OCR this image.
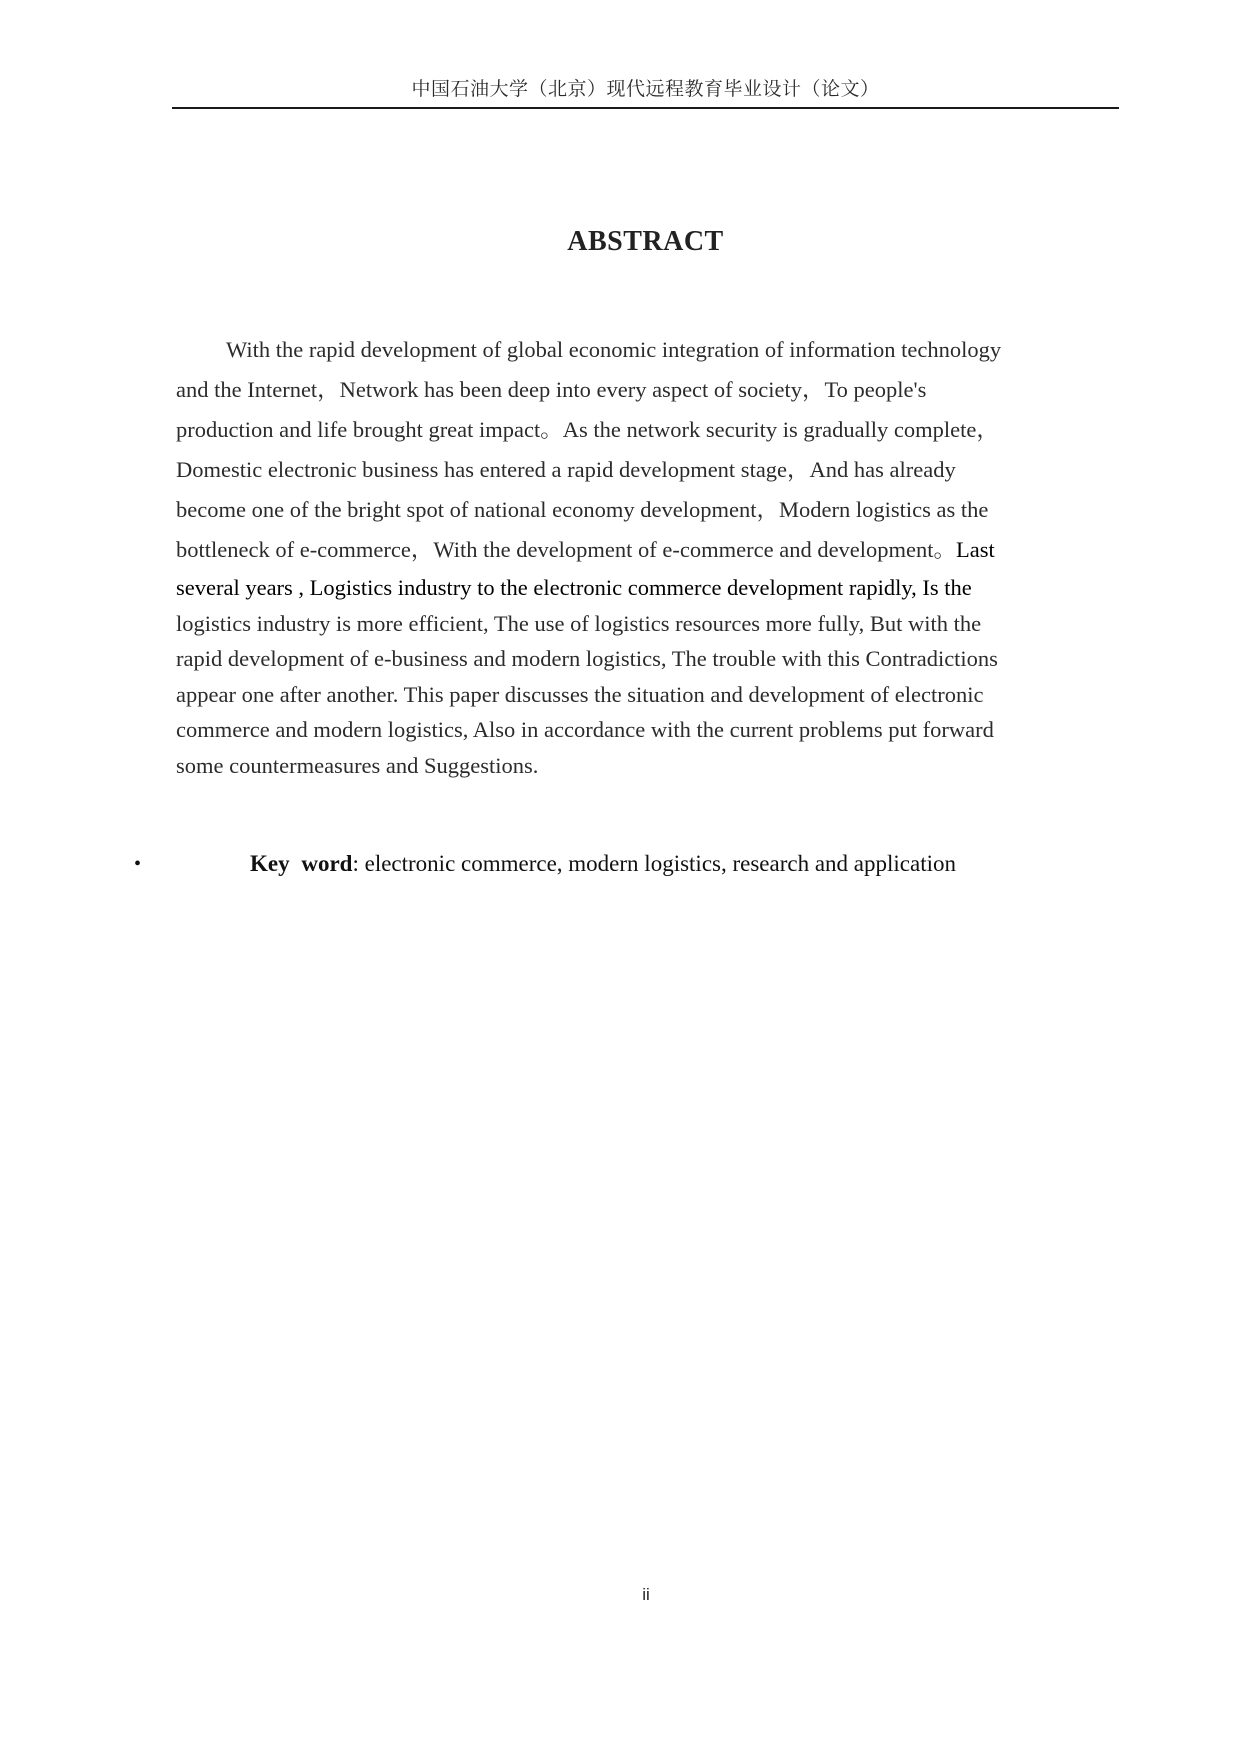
中国石油大学（北京）现代远程教育毕业设计（论文）
ABSTRACT
With the rapid development of global economic integration of information technology
and the Internet，Network has been deep into every aspect of society，To people's
production and life brought great impact。As the network security is gradually complete，
Domestic electronic business has entered a rapid development stage，And has already
become one of the bright spot of national economy development，Modern logistics as the
bottleneck of e-commerce，With the development of e-commerce and development。Last
several years , Logistics industry to the electronic commerce development rapidly, Is the
logistics industry is more efficient, The use of logistics resources more fully, But with the
rapid development of e-business and modern logistics, The trouble with this Contradictions
appear one after another. This paper discusses the situation and development of electronic
commerce and modern logistics, Also in accordance with the current problems put forward
some countermeasures and Suggestions.
•	Key word: electronic commerce, modern logistics, research and application
ii
